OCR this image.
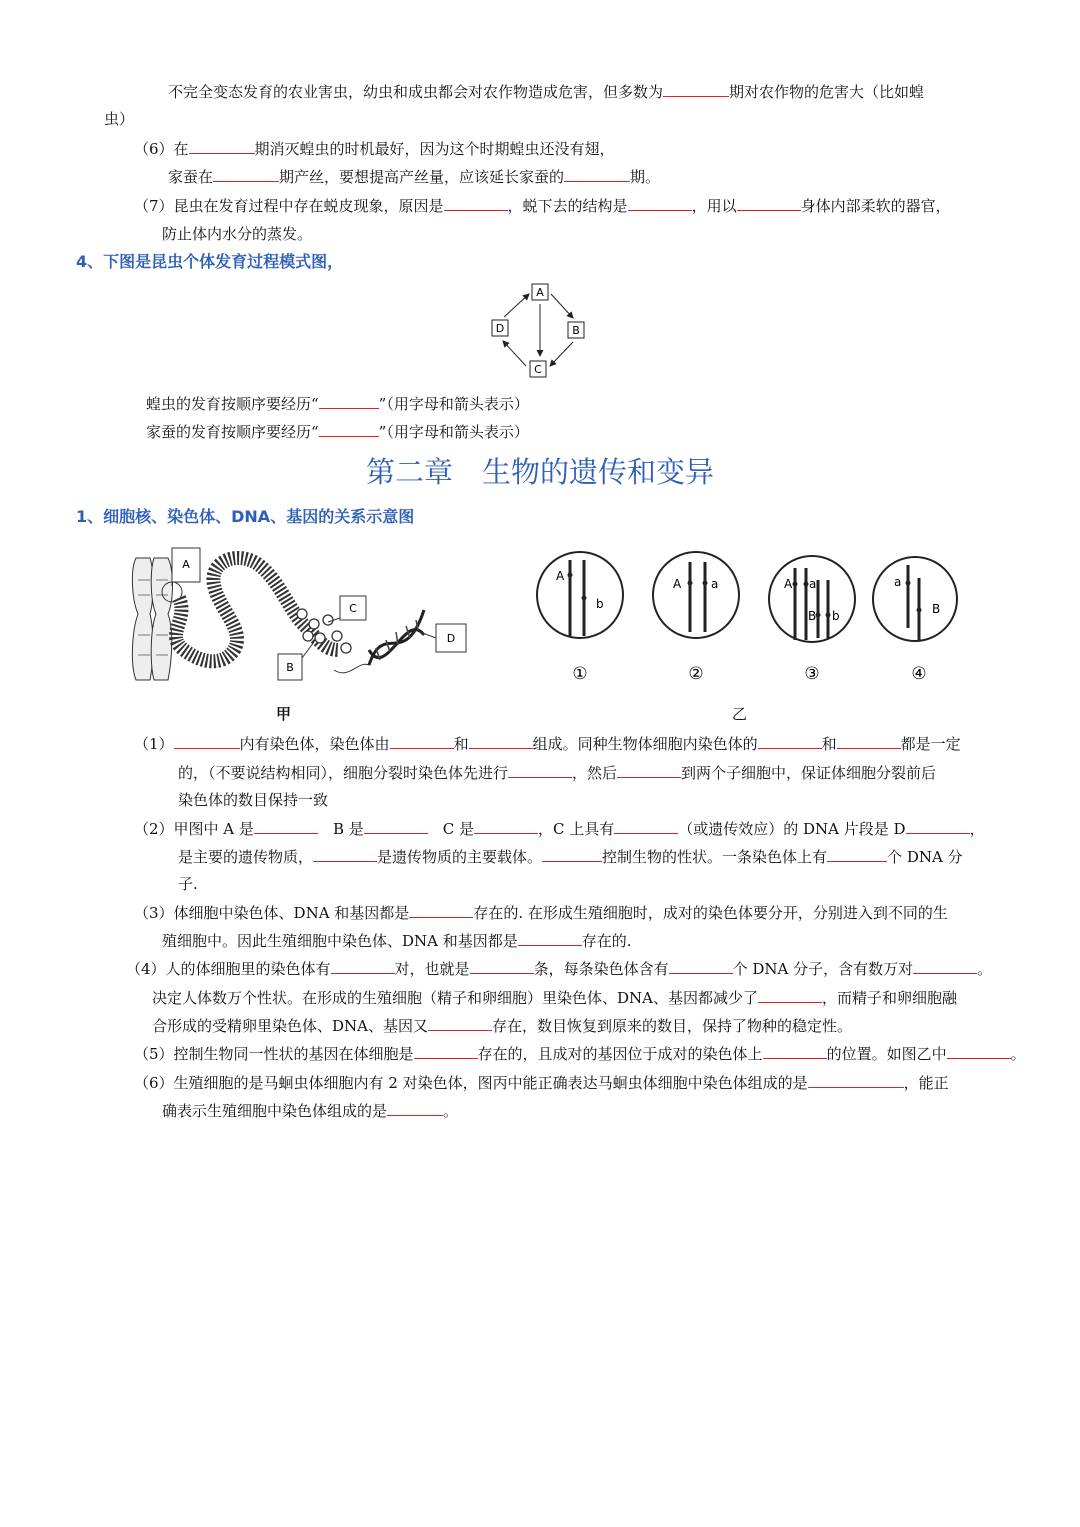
不完全变态发育的农业害虫，幼虫和成虫都会对农作物造成危害，但多数为	期对农作物的危害大（比如蝗
虫）
（6）在	期消灭蝗虫的时机最好，因为这个时期蝗虫还没有翅，
家蚕在	期产丝，要想提高产丝量，应该延长家蚕的	期。
（7）昆虫在发育过程中存在蜕皮现象，原因是	，蜕下去的结构是	，用以	身体内部柔软的器官，
防止体内水分的蒸发。
4、下图是昆虫个体发育过程模式图，
A
B
C
D
蝗虫的发育按顺序要经历“	”（用字母和箭头表示）
家蚕的发育按顺序要经历“	”（用字母和箭头表示）
第二章　生物的遗传和变异
1、细胞核、染色体、DNA、基因的关系示意图
A
B
C
D
甲
A
b
①
A a
②
A a
B b
③
a
B
④
乙
（1）	内有染色体，染色体由	和	组成。同种生物体细胞内染色体的	和	都是一定
的，（不要说结构相同），细胞分裂时染色体先进行	，然后	到两个子细胞中，保证体细胞分裂前后
染色体的数目保持一致
（2）甲图中 A 是　	B 是　	C 是	，C 上具有	（或遗传效应）的 DNA 片段是 D	，
是主要的遗传物质，	是遗传物质的主要载体。	控制生物的性状。一条染色体上有	个 DNA 分
子.
（3）体细胞中染色体、DNA 和基因都是	存在的. 在形成生殖细胞时，成对的染色体要分开，分别进入到不同的生
殖细胞中。因此生殖细胞中染色体、DNA 和基因都是	存在的.
（4）人的体细胞里的染色体有	对，也就是	条，每条染色体含有	个 DNA 分子，含有数万对	。
决定人体数万个性状。在形成的生殖细胞（精子和卵细胞）里染色体、DNA、基因都减少了	，而精子和卵细胞融
合形成的受精卵里染色体、DNA、基因又	存在，数目恢复到原来的数目，保持了物种的稳定性。
（5）控制生物同一性状的基因在体细胞是	存在的，且成对的基因位于成对的染色体上	的位置。如图乙中	。
（6）生殖细胞的是马蛔虫体细胞内有 2 对染色体，图丙中能正确表达马蛔虫体细胞中染色体组成的是	，能正
确表示生殖细胞中染色体组成的是	。
